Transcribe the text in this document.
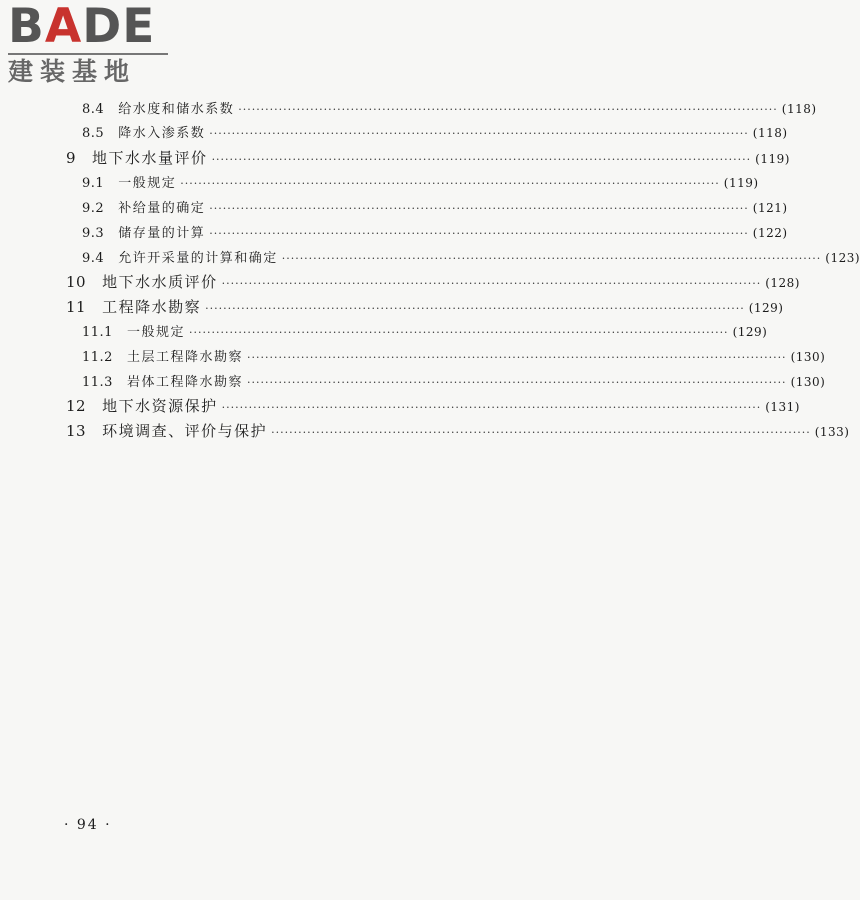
BADE
建装基地
8.4 给水度和储水系数 ························································································································ (118)
8.5 降水入渗系数 ························································································································ (118)
9 地下水水量评价 ························································································································ (119)
9.1 一般规定 ························································································································ (119)
9.2 补给量的确定 ························································································································ (121)
9.3 储存量的计算 ························································································································ (122)
9.4 允许开采量的计算和确定 ························································································································ (123)
10 地下水水质评价 ························································································································ (128)
11 工程降水勘察 ························································································································ (129)
11.1 一般规定 ························································································································ (129)
11.2 土层工程降水勘察 ························································································································ (130)
11.3 岩体工程降水勘察 ························································································································ (130)
12 地下水资源保护 ························································································································ (131)
13 环境调查、评价与保护 ························································································································ (133)
· 94 ·
